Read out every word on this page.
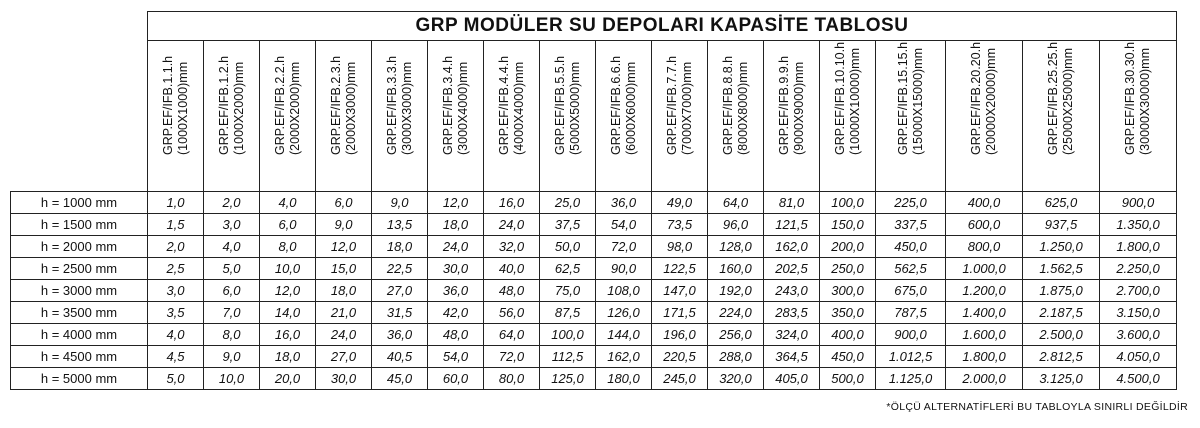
	GRP MODÜLER SU DEPOLARI KAPASİTE TABLOSU																

	GRP.EF/IFB.1.1.h (1000X1000)mm	GRP.EF/IFB.1.2.h (1000X2000)mm	GRP.EF/IFB.2.2.h (2000X2000)mm	GRP.EF/IFB.2.3.h (2000X3000)mm	GRP.EF/IFB.3.3.h (3000X3000)mm	GRP.EF/IFB.3.4.h (3000X4000)mm	GRP.EF/IFB.4.4.h (4000X4000)mm	GRP.EF/IFB.5.5.h (5000X5000)mm	GRP.EF/IFB.6.6.h (6000X6000)mm	GRP.EF/IFB.7.7.h (7000X7000)mm	GRP.EF/IFB.8.8.h (8000X8000)mm	GRP.EF/IFB.9.9.h (9000X9000)mm	GRP.EF/IFB.10.10.h (10000X10000)mm	GRP.EF/IFB.15.15.h (15000X15000)mm	GRP.EF/IFB.20.20.h (20000X20000)mm	GRP.EF/IFB.25.25.h (25000X25000)mm	GRP.EF/IFB.30.30.h (30000X30000)mm

h = 1000 mm	1,0	2,0	4,0	6,0	9,0	12,0	16,0	25,0	36,0	49,0	64,0	81,0	100,0	225,0	400,0	625,0	900,0
h = 1500 mm	1,5	3,0	6,0	9,0	13,5	18,0	24,0	37,5	54,0	73,5	96,0	121,5	150,0	337,5	600,0	937,5	1.350,0
h = 2000 mm	2,0	4,0	8,0	12,0	18,0	24,0	32,0	50,0	72,0	98,0	128,0	162,0	200,0	450,0	800,0	1.250,0	1.800,0
h = 2500 mm	2,5	5,0	10,0	15,0	22,5	30,0	40,0	62,5	90,0	122,5	160,0	202,5	250,0	562,5	1.000,0	1.562,5	2.250,0
h = 3000 mm	3,0	6,0	12,0	18,0	27,0	36,0	48,0	75,0	108,0	147,0	192,0	243,0	300,0	675,0	1.200,0	1.875,0	2.700,0
h = 3500 mm	3,5	7,0	14,0	21,0	31,5	42,0	56,0	87,5	126,0	171,5	224,0	283,5	350,0	787,5	1.400,0	2.187,5	3.150,0
h = 4000 mm	4,0	8,0	16,0	24,0	36,0	48,0	64,0	100,0	144,0	196,0	256,0	324,0	400,0	900,0	1.600,0	2.500,0	3.600,0
h = 4500 mm	4,5	9,0	18,0	27,0	40,5	54,0	72,0	112,5	162,0	220,5	288,0	364,5	450,0	1.012,5	1.800,0	2.812,5	4.050,0
h = 5000 mm	5,0	10,0	20,0	30,0	45,0	60,0	80,0	125,0	180,0	245,0	320,0	405,0	500,0	1.125,0	2.000,0	3.125,0	4.500,0
*ÖLÇÜ ALTERNATİFLERİ BU TABLOYLA SINIRLI DEĞİLDİR
